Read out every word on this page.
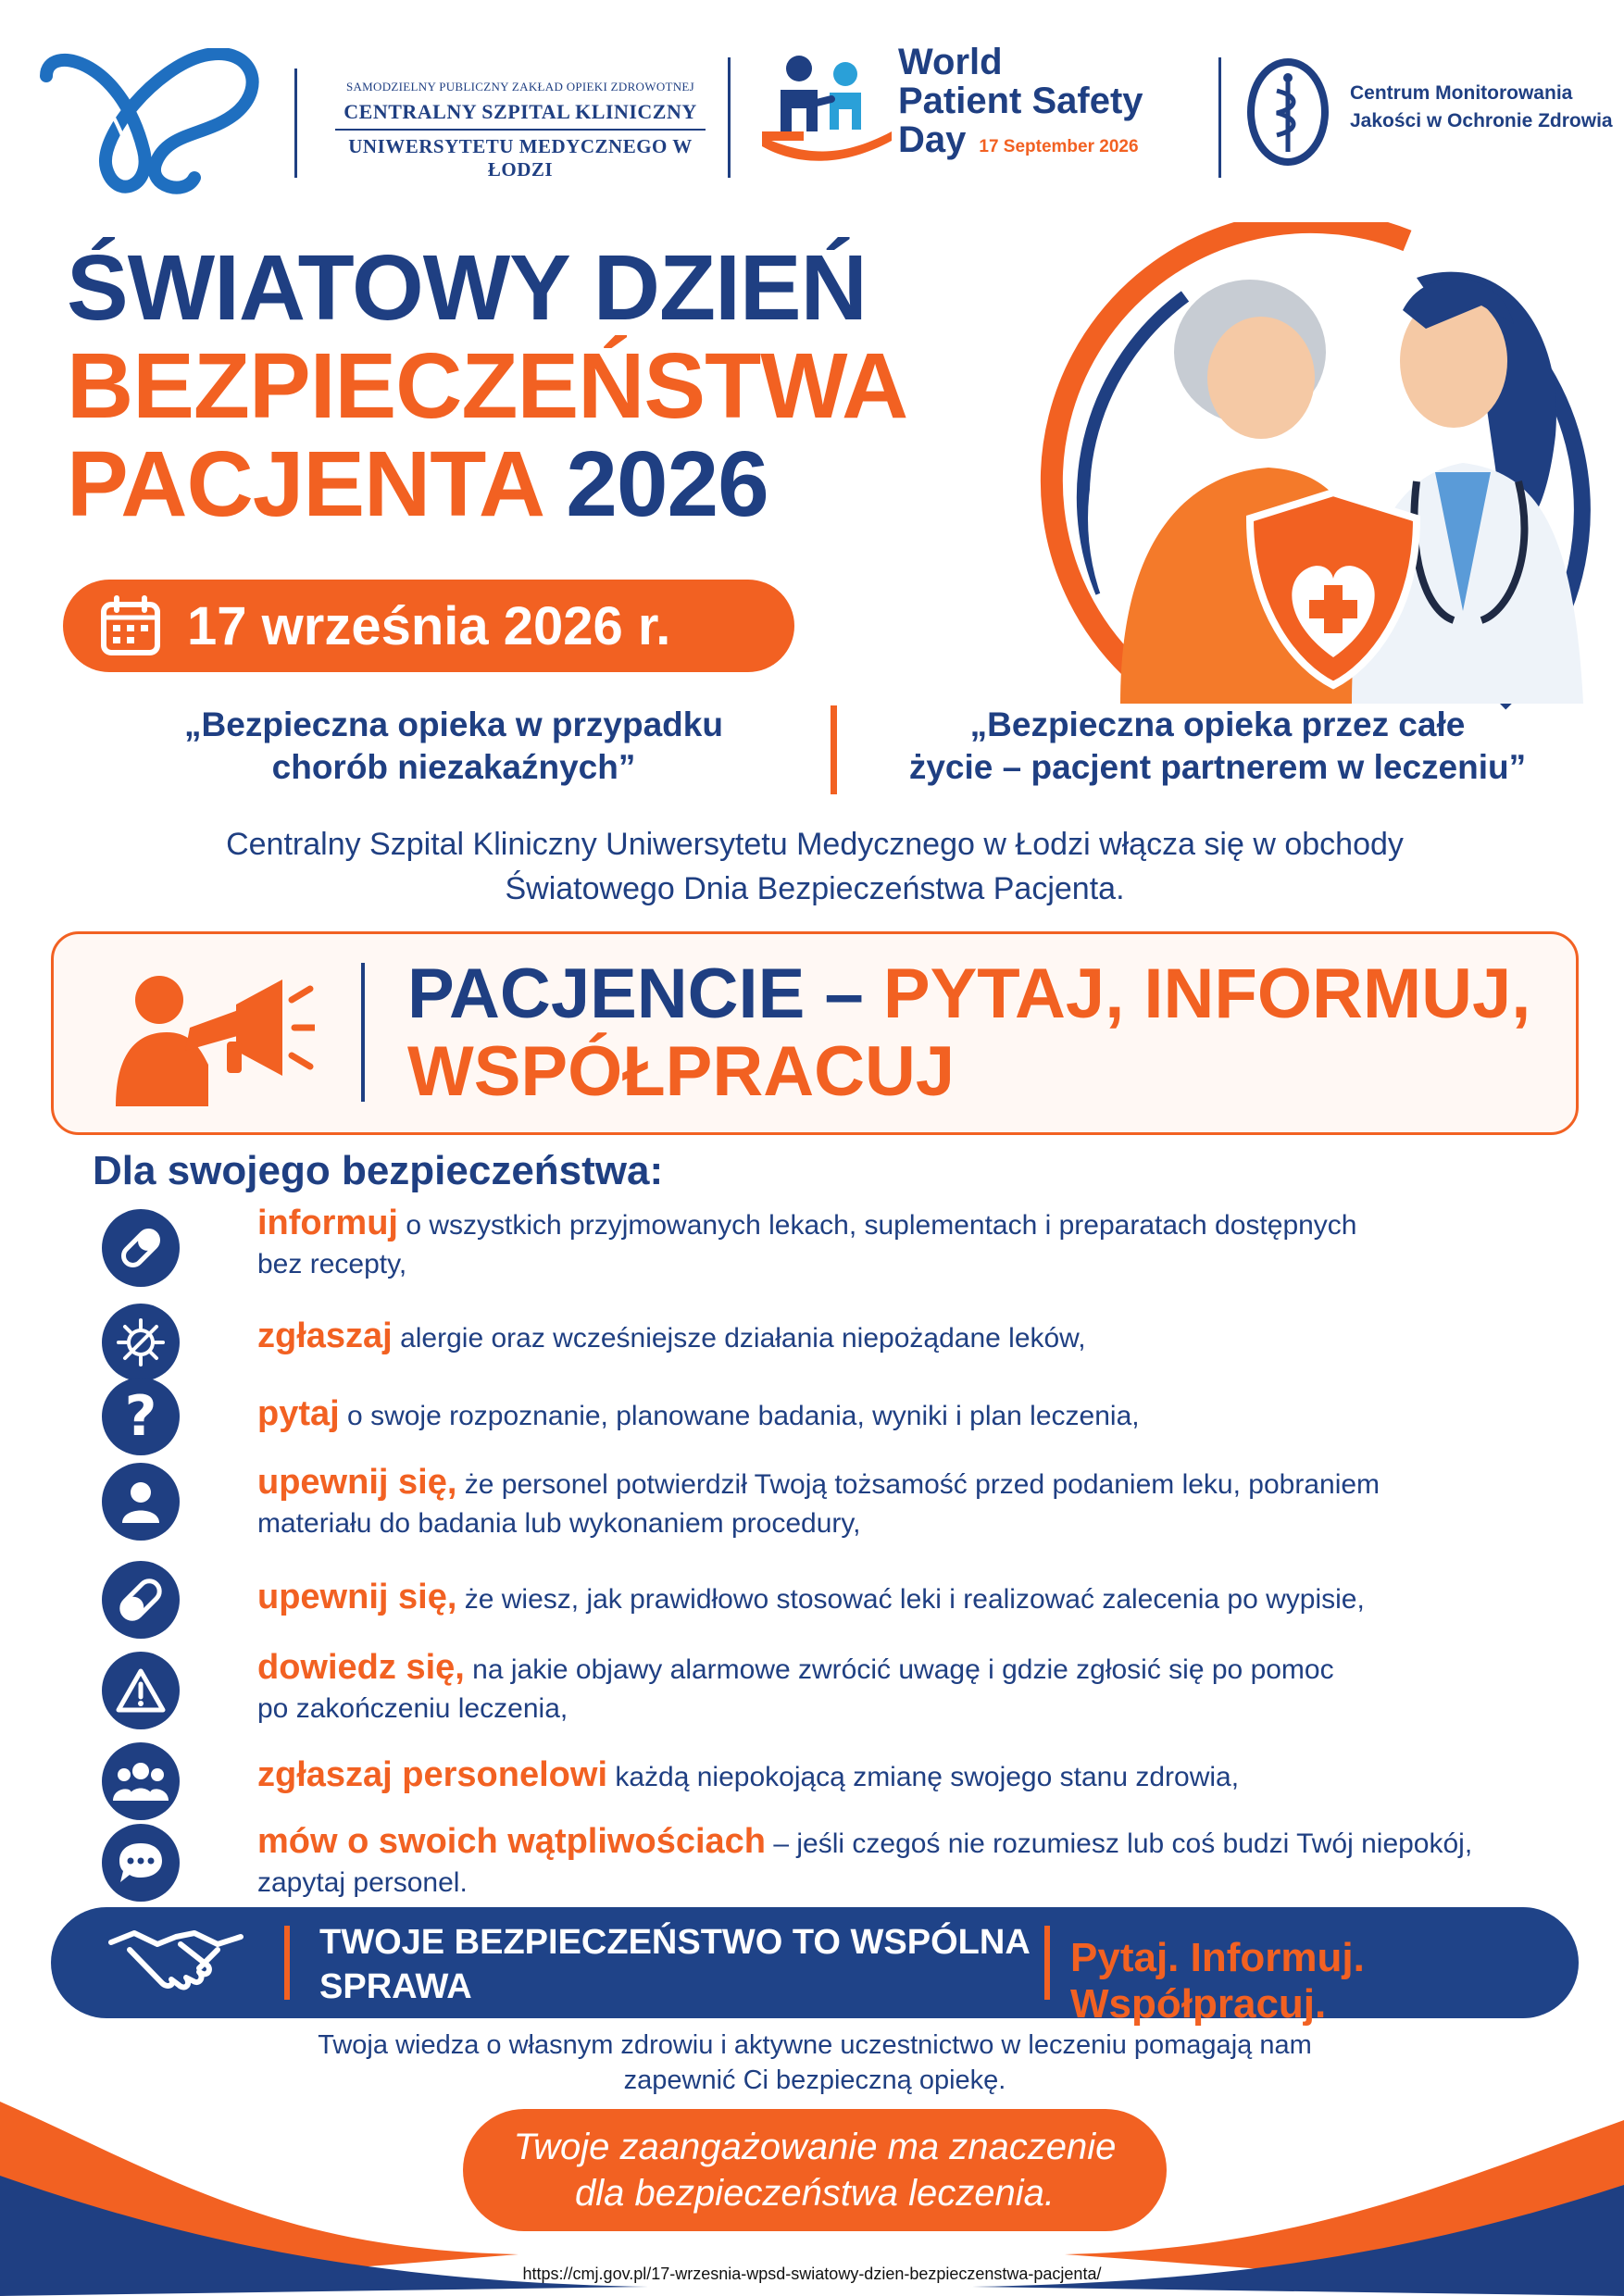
SAMODZIELNY PUBLICZNY ZAKŁAD OPIEKI ZDROWOTNEJ
CENTRALNY SZPITAL KLINICZNY
UNIWERSYTETU MEDYCZNEGO W ŁODZI
World
Patient Safety
Day 17 September 2026
Centrum Monitorowania
Jakości w Ochronie Zdrowia
ŚWIATOWY DZIEŃ
BEZPIECZEŃSTWA
PACJENTA 2026
17 września 2026 r.
„Bezpieczna opieka w przypadku
chorób niezakaźnych”
„Bezpieczna opieka przez całe
życie – pacjent partnerem w leczeniu”
Centralny Szpital Kliniczny Uniwersytetu Medycznego w Łodzi włącza się w obchody
Światowego Dnia Bezpieczeństwa Pacjenta.
PACJENCIE – PYTAJ, INFORMUJ,
WSPÓŁPRACUJ
Dla swojego bezpieczeństwa:
informuj o wszystkich przyjmowanych lekach, suplementach i preparatach dostępnych
bez recepty,
zgłaszaj alergie oraz wcześniejsze działania niepożądane leków,
?	pytaj o swoje rozpoznanie, planowane badania, wyniki i plan leczenia,
upewnij się, że personel potwierdził Twoją tożsamość przed podaniem leku, pobraniem
materiału do badania lub wykonaniem procedury,
upewnij się, że wiesz, jak prawidłowo stosować leki i realizować zalecenia po wypisie,
dowiedz się, na jakie objawy alarmowe zwrócić uwagę i gdzie zgłosić się po pomoc
po zakończeniu leczenia,
zgłaszaj personelowi każdą niepokojącą zmianę swojego stanu zdrowia,
mów o swoich wątpliwościach – jeśli czegoś nie rozumiesz lub coś budzi Twój niepokój,
zapytaj personel.
TWOJE BEZPIECZEŃSTWO TO WSPÓLNA
SPRAWA
Pytaj. Informuj. Współpracuj.
Twoja wiedza o własnym zdrowiu i aktywne uczestnictwo w leczeniu pomagają nam
zapewnić Ci bezpieczną opiekę.
Twoje zaangażowanie ma znaczenie
dla bezpieczeństwa leczenia.
https://cmj.gov.pl/17-wrzesnia-wpsd-swiatowy-dzien-bezpieczenstwa-pacjenta/
